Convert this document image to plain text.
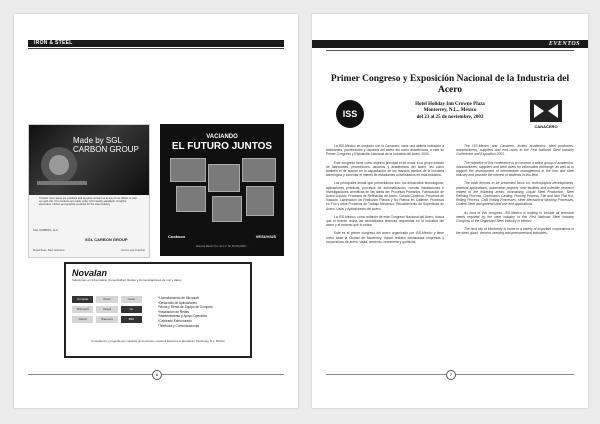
IRON & STEEL
Made by SGL CARBON GROUP
To learn more about our products and services contact us at any of our offices or visit our web site. Our products are made under strict quality standards. Graphite electrodes, carbon and graphite products for the steel industry.
SGL CARBON, LLC
SGL CARBON GROUP
Broad Base. Best Solutions.	Carbon and Graphite
VACIANDO
EL FUTURO JUNTOS
Cookson	VESUVIUS
Vesuvius Mexico S.A. de C.V. Tel. 52 (81) 8329 ...
Novalan
Soluciones en Informática, Conectividad, Redes y Comunicaciones de voz y datos
Compaq	3Com	Cisco
Microsoft	Avaya	hp
Nortel	Siemens	IBM
*Licenciamiento de Microsoft
*Desarrollo de Aplicaciones
*Venta y Renta de Equipo de Cómputo
*Instalación de Redes
*Mantenimiento y Apoyo Operativo
*Cableado Estructurado
*Telefonía y Comunicaciones
Consultenos y pregunte por nuestras promociones, nuestros asesores lo atenderán. Monterrey, N.L. México
6
EVENTOS
Primer Congreso y Exposición Nacional de la Industria del Acero
ISS
Hotel Holiday Inn Crowne Plaza
Monterrey, N.L., México
del 23 al 25 de noviembre, 2003
CANACERO

La ISS-México en conjunto con la Canacero, hace una abierta invitación a fabricantes, proveedores y usuarios del acero así como académicos, a este su Primer Congreso y Exposición Nacional de la Industria del Acero 2003.

Este congreso tiene como objetivo principal el de reunir a un grupo selecto de fabricantes, proveedores, usuarios y académicos del acero, así como también el de apoyar en la capacitación de los mandos medios de la industria siderúrgica y fomentar el interés de estudiantes universitarios en esta industria.

Los principales temas que presentamos son: los desarrollos tecnológicos, aplicaciones prácticas, procesos de automatización, nuevas instalaciones e investigaciones científicas en las áreas de: Procesos Primarios, Fabricación de Acero Líquido, Procesos de Refinación de Acero, Colada Continua, Procesos de Vaciado, Laminación de Productos Planos y No Planos en Caliente, Procesos en Frío y otros Procesos de Trabajo Mecánico, Recubrimiento de Superficies de Acero, Usos y Aplicaciones del Acero.

La ISS-México, como anfitrión de este Congreso Nacional del Acero, busca que el evento reúna las necesidades técnicas requeridas en la industria del acero y el entorno que lo rodea.

Este es el primer congreso del acero organizado por ISS-México y tiene como base la Ciudad de Monterrey, donde residen destacadas empresas y corporativos de acero, visita, cemento, cervecería y químicos.

The ISS-Mexico and Canacero, invites academics, steel producers, manufacturers, suppliers and end users to the First National Steel Industry Conference and Exposition 2003.

The objective of this conference is to convene a select group of academics, manufacturers, suppliers and steel users for information exchange, as well as to support the development of intermediate management in the iron and steel industry and promote the interest of students in this field.

The main themes to be presented focus on: technological developments, practical applications, automation projects, new facilities and scientific research related to the following areas: Ironmaking, Liquid Steel Production, Steel Refining Process, Continuous Casting, Pouring Process, Flat and Non Flat Hot-Rolling Process, Cold Rolling Processes, other Mechanical Working Processes, Coated Steel and general steel use and applications.

As host of this congress, ISS-Mexico is looking to include all technical needs required by the steel industry in this First National Steel Industry Congress of the Organized Steel Industry in Mexico.

The host city of Monterrey is home to a variety of important corporations in the steel, glass, cement, brewing and petrochemical industries.

7
